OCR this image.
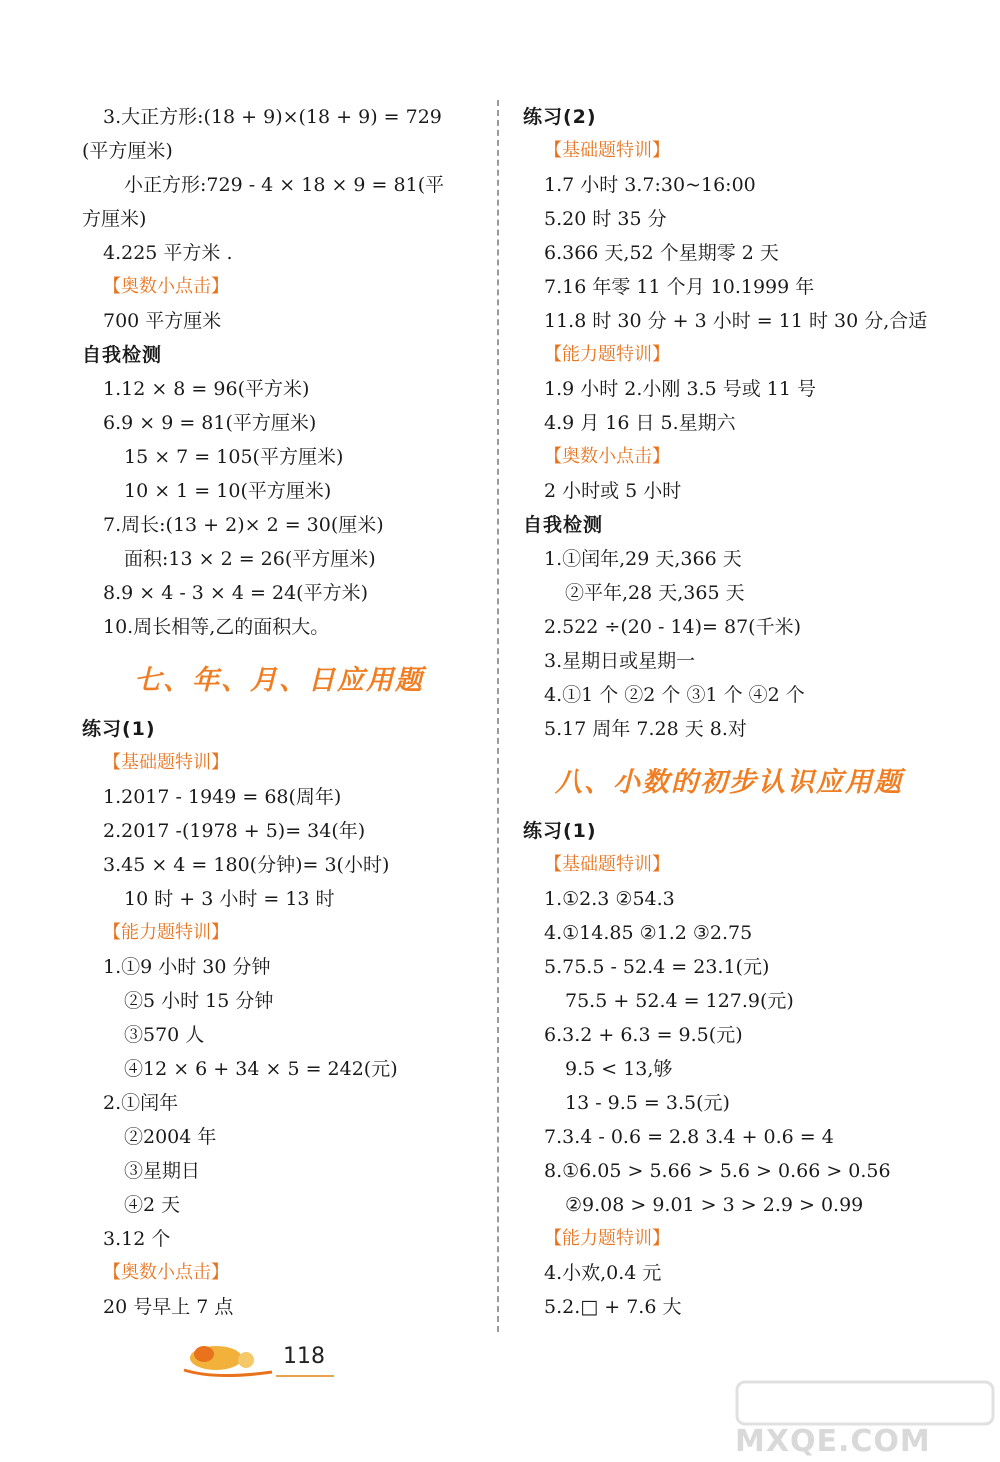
3.大正方形:(18 + 9)×(18 + 9) = 729
(平方厘米)
小正方形:729 - 4 × 18 × 9 = 81(平
方厘米)
4.225 平方米 .
【奥数小点击】
700 平方厘米
自我检测
1.12 × 8 = 96(平方米)
6.9 × 9 = 81(平方厘米)
15 × 7 = 105(平方厘米)
10 × 1 = 10(平方厘米)
7.周长:(13 + 2)× 2 = 30(厘米)
面积:13 × 2 = 26(平方厘米)
8.9 × 4 - 3 × 4 = 24(平方米)
10.周长相等,乙的面积大。
七、年、月、日应用题
练习(1)
【基础题特训】
1.2017 - 1949 = 68(周年)
2.2017 -(1978 + 5)= 34(年)
3.45 × 4 = 180(分钟)= 3(小时)
10 时 + 3 小时 = 13 时
【能力题特训】
1.①9 小时 30 分钟
②5 小时 15 分钟
③570 人
④12 × 6 + 34 × 5 = 242(元)
2.①闰年
②2004 年
③星期日
④2 天
3.12 个
【奥数小点击】
20 号早上 7 点
练习(2)
【基础题特训】
1.7 小时 3.7:30~16:00
5.20 时 35 分
6.366 天,52 个星期零 2 天
7.16 年零 11 个月 10.1999 年
11.8 时 30 分 + 3 小时 = 11 时 30 分,合适
【能力题特训】
1.9 小时 2.小刚 3.5 号或 11 号
4.9 月 16 日 5.星期六
【奥数小点击】
2 小时或 5 小时
自我检测
1.①闰年,29 天,366 天
②平年,28 天,365 天
2.522 ÷(20 - 14)= 87(千米)
3.星期日或星期一
4.①1 个 ②2 个 ③1 个 ④2 个
5.17 周年 7.28 天 8.对
八、小数的初步认识应用题
练习(1)
【基础题特训】
1.①2.3 ②54.3
4.①14.85 ②1.2 ③2.75
5.75.5 - 52.4 = 23.1(元)
75.5 + 52.4 = 127.9(元)
6.3.2 + 6.3 = 9.5(元)
9.5 < 13,够
13 - 9.5 = 3.5(元)
7.3.4 - 0.6 = 2.8 3.4 + 0.6 = 4
8.①6.05 > 5.66 > 5.6 > 0.66 > 0.56
②9.08 > 9.01 > 3 > 2.9 > 0.99
【能力题特训】
4.小欢,0.4 元
5.2.□ + 7.6 大
118
MXQE.COM
